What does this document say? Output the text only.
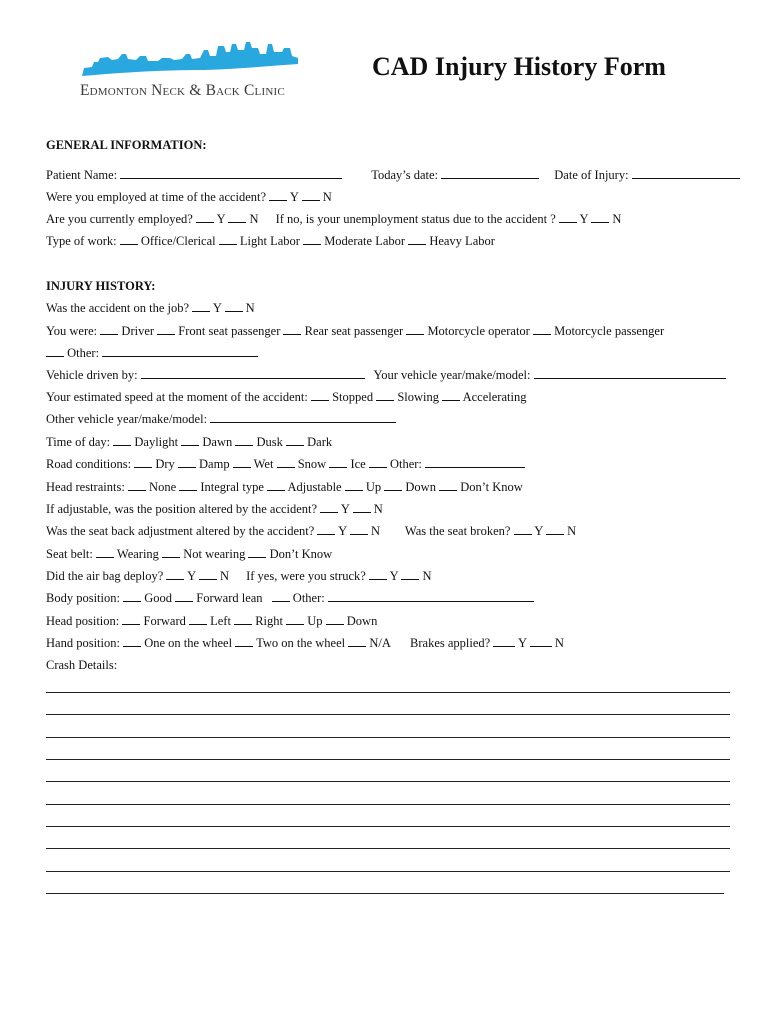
Edmonton Neck & Back Clinic
CAD Injury History Form
GENERAL INFORMATION:
Patient Name:	Today’s date:	Date of Injury:
Were you employed at time of the accident? Y N
Are you currently employed? Y N If no, is your unemployment status due to the accident ? Y N
Type of work: Office/Clerical Light Labor Moderate Labor Heavy Labor
INJURY HISTORY:
Was the accident on the job? Y N
You were: Driver Front seat passenger Rear seat passenger Motorcycle operator Motorcycle passenger
Other:
Vehicle driven by:	Your vehicle year/make/model:
Your estimated speed at the moment of the accident: Stopped Slowing Accelerating
Other vehicle year/make/model:
Time of day: Daylight Dawn Dusk Dark
Road conditions: Dry Damp Wet Snow Ice Other:
Head restraints: None Integral type Adjustable Up Down Don’t Know
If adjustable, was the position altered by the accident? Y N
Was the seat back adjustment altered by the accident? Y N Was the seat broken? Y N
Seat belt: Wearing Not wearing Don’t Know
Did the air bag deploy? Y N If yes, were you struck? Y N
Body position: Good Forward lean Other:
Head position: Forward Left Right Up Down
Hand position: One on the wheel Two on the wheel N/A Brakes applied? Y N
Crash Details:
